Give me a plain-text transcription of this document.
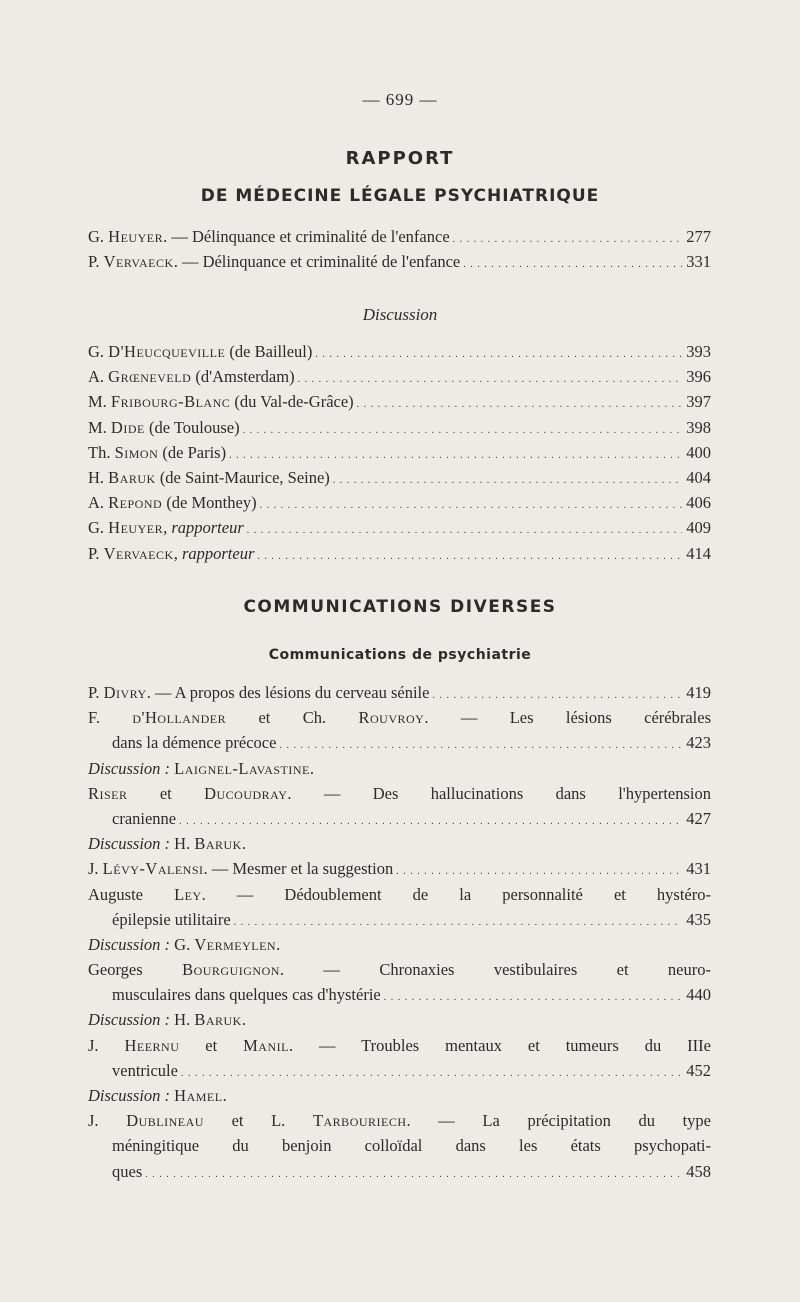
— 699 —
RAPPORT
DE MÉDECINE LÉGALE PSYCHIATRIQUE
G. Heuyer. — Délinquance et criminalité de l'enfance . . .	277
P. Vervaeck. — Délinquance et criminalité de l'enfance . . .	331
Discussion
G. D'Heucqueville (de Bailleul) . . .	393
A. Grœneveld (d'Amsterdam) . . .	396
M. Fribourg-Blanc (du Val-de-Grâce) . . .	397
M. Dide (de Toulouse) . . .	398
Th. Simon (de Paris) . . .	400
H. Baruk (de Saint-Maurice, Seine) . . .	404
A. Repond (de Monthey) . . .	406
G. Heuyer, rapporteur . . .	409
P. Vervaeck, rapporteur . . .	414
COMMUNICATIONS DIVERSES
Communications de psychiatrie
P. Divry. — A propos des lésions du cerveau sénile . . .	419
F. d'Hollander et Ch. Rouvroy. — Les lésions cérébrales
dans la démence précoce . . .	423
Discussion : Laignel-Lavastine.
Riser et Ducoudray. — Des hallucinations dans l'hypertension
cranienne . . .	427
Discussion : H. Baruk.
J. Lévy-Valensi. — Mesmer et la suggestion . . .	431
Auguste Ley. — Dédoublement de la personnalité et hystéro-
épilepsie utilitaire . . .	435
Discussion : G. Vermeylen.
Georges Bourguignon. — Chronaxies vestibulaires et neuro-
musculaires dans quelques cas d'hystérie . . .	440
Discussion : H. Baruk.
J. Heernu et Manil. — Troubles mentaux et tumeurs du IIIe
ventricule . . .	452
Discussion : Hamel.
J. Dublineau et L. Tarbouriech. — La précipitation du type
méningitique du benjoin colloïdal dans les états psychopati-
ques . . .	458
